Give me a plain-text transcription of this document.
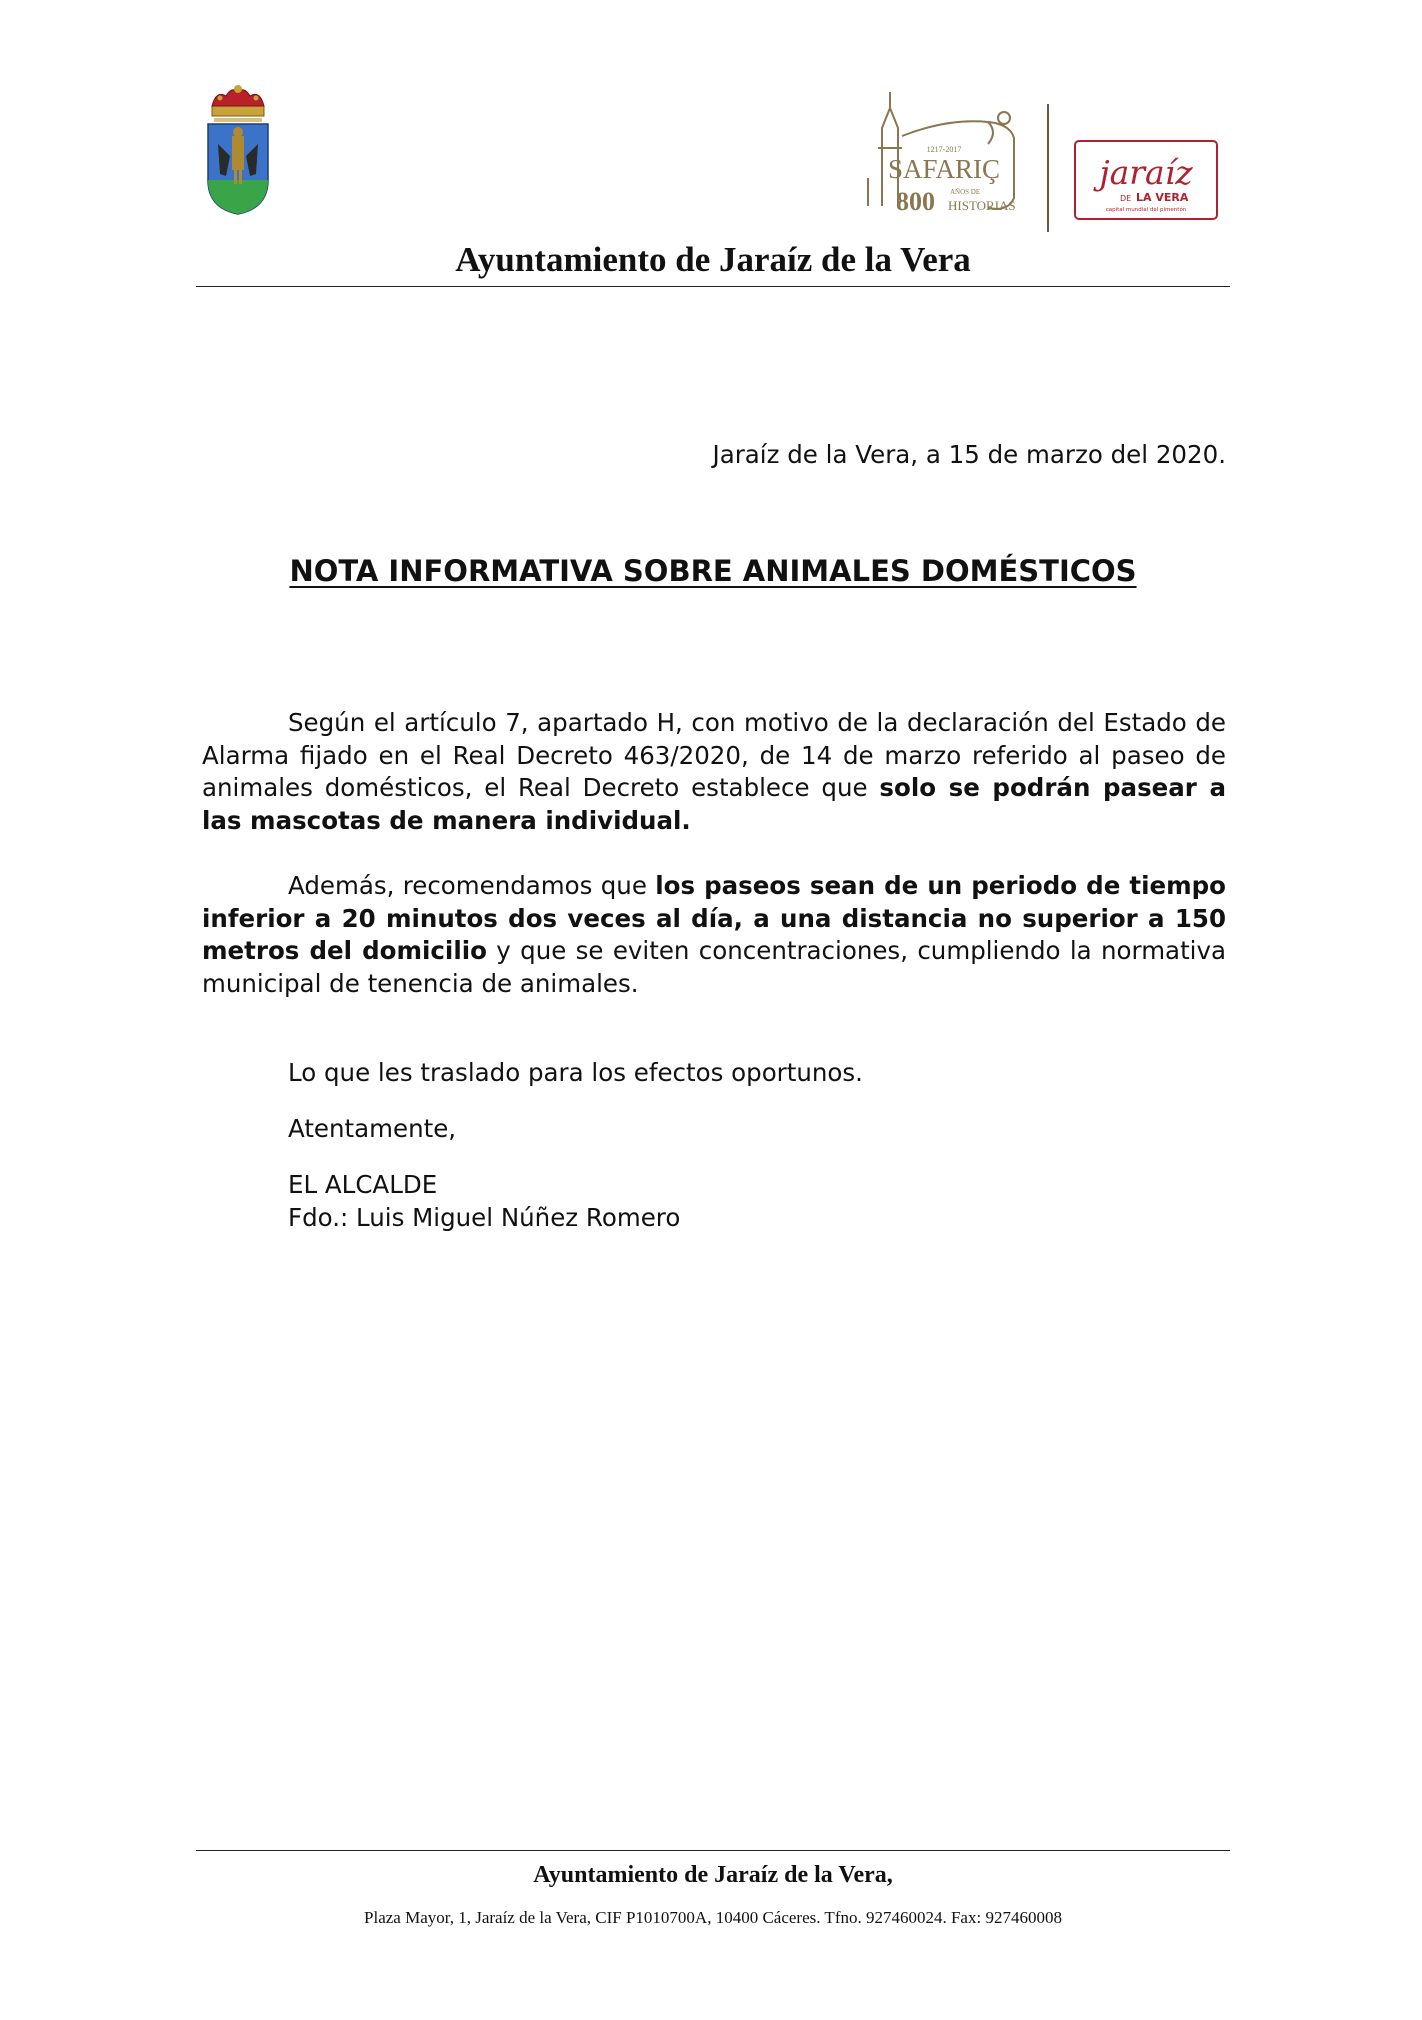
1217-2017
SAFARIÇ
800 AÑOS DE
HISTORIAS
jaraíz
DE LA VERA
capital mundial del pimentón
Ayuntamiento de Jaraíz de la Vera
Jaraíz de la Vera, a 15 de marzo del 2020.
NOTA INFORMATIVA SOBRE ANIMALES DOMÉSTICOS

Según el artículo 7, apartado H, con motivo de la declaración del Estado de Alarma fijado en el Real Decreto 463/2020, de 14 de marzo referido al paseo de animales domésticos, el Real Decreto establece que solo se podrán pasear a las mascotas de manera individual.

Además, recomendamos que los paseos sean de un periodo de tiempo inferior a 20 minutos dos veces al día, a una distancia no superior a 150 metros del domicilio y que se eviten concentraciones, cumpliendo la normativa municipal de tenencia de animales.

Lo que les traslado para los efectos oportunos.
Atentamente,
EL ALCALDE
Fdo.: Luis Miguel Núñez Romero
Ayuntamiento de Jaraíz de la Vera,
Plaza Mayor, 1, Jaraíz de la Vera, CIF P1010700A, 10400 Cáceres. Tfno. 927460024. Fax: 927460008
